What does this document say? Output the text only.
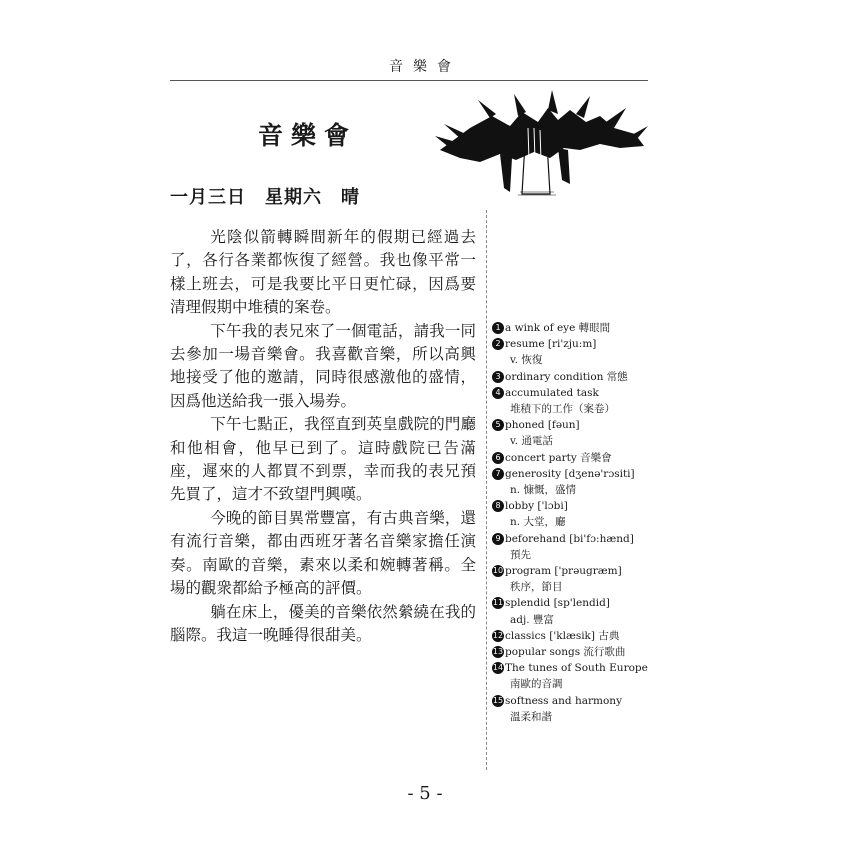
音樂會
音樂會
一月三日　星期六　晴

光陰似箭轉瞬間新年的假期已經過去了，各行各業都恢復了經營。我也像平常一樣上班去，可是我要比平日更忙碌，因爲要清理假期中堆積的案卷。

下午我的表兄來了一個電話，請我一同去參加一場音樂會。我喜歡音樂，所以高興地接受了他的邀請，同時很感激他的盛情，因爲他送給我一張入場券。

下午七點正，我徑直到英皇戲院的門廳和他相會，他早已到了。這時戲院已告滿座，遲來的人都買不到票，幸而我的表兄預先買了，這才不致望門興嘆。

今晚的節目異常豐富，有古典音樂，還有流行音樂，都由西班牙著名音樂家擔任演奏。南歐的音樂，素來以柔和婉轉著稱。全場的觀衆都給予極高的評價。

躺在床上，優美的音樂依然縈繞在我的腦際。我這一晚睡得很甜美。

1 a wink of eye 轉眼間
2 resume [ri'zju:m]
v. 恢復
3 ordinary condition 常態
4 accumulated task
堆積下的工作（案卷）
5 phoned [fəun]
v. 通電話
6 concert party 音樂會
7 generosity [dʒenə'rɔsiti]
n. 慷慨，盛情
8 lobby ['lɔbi]
n. 大堂，廳
9 beforehand [bi'fɔ:hænd]
預先
10 program ['prəugræm]
秩序，節目
11 splendid [sp'lendid]
adj. 豐富
12 classics ['klæsik] 古典
13 popular songs 流行歌曲
14 The tunes of South Europe
南歐的音調
15 softness and harmony
溫柔和諧
- 5 -
